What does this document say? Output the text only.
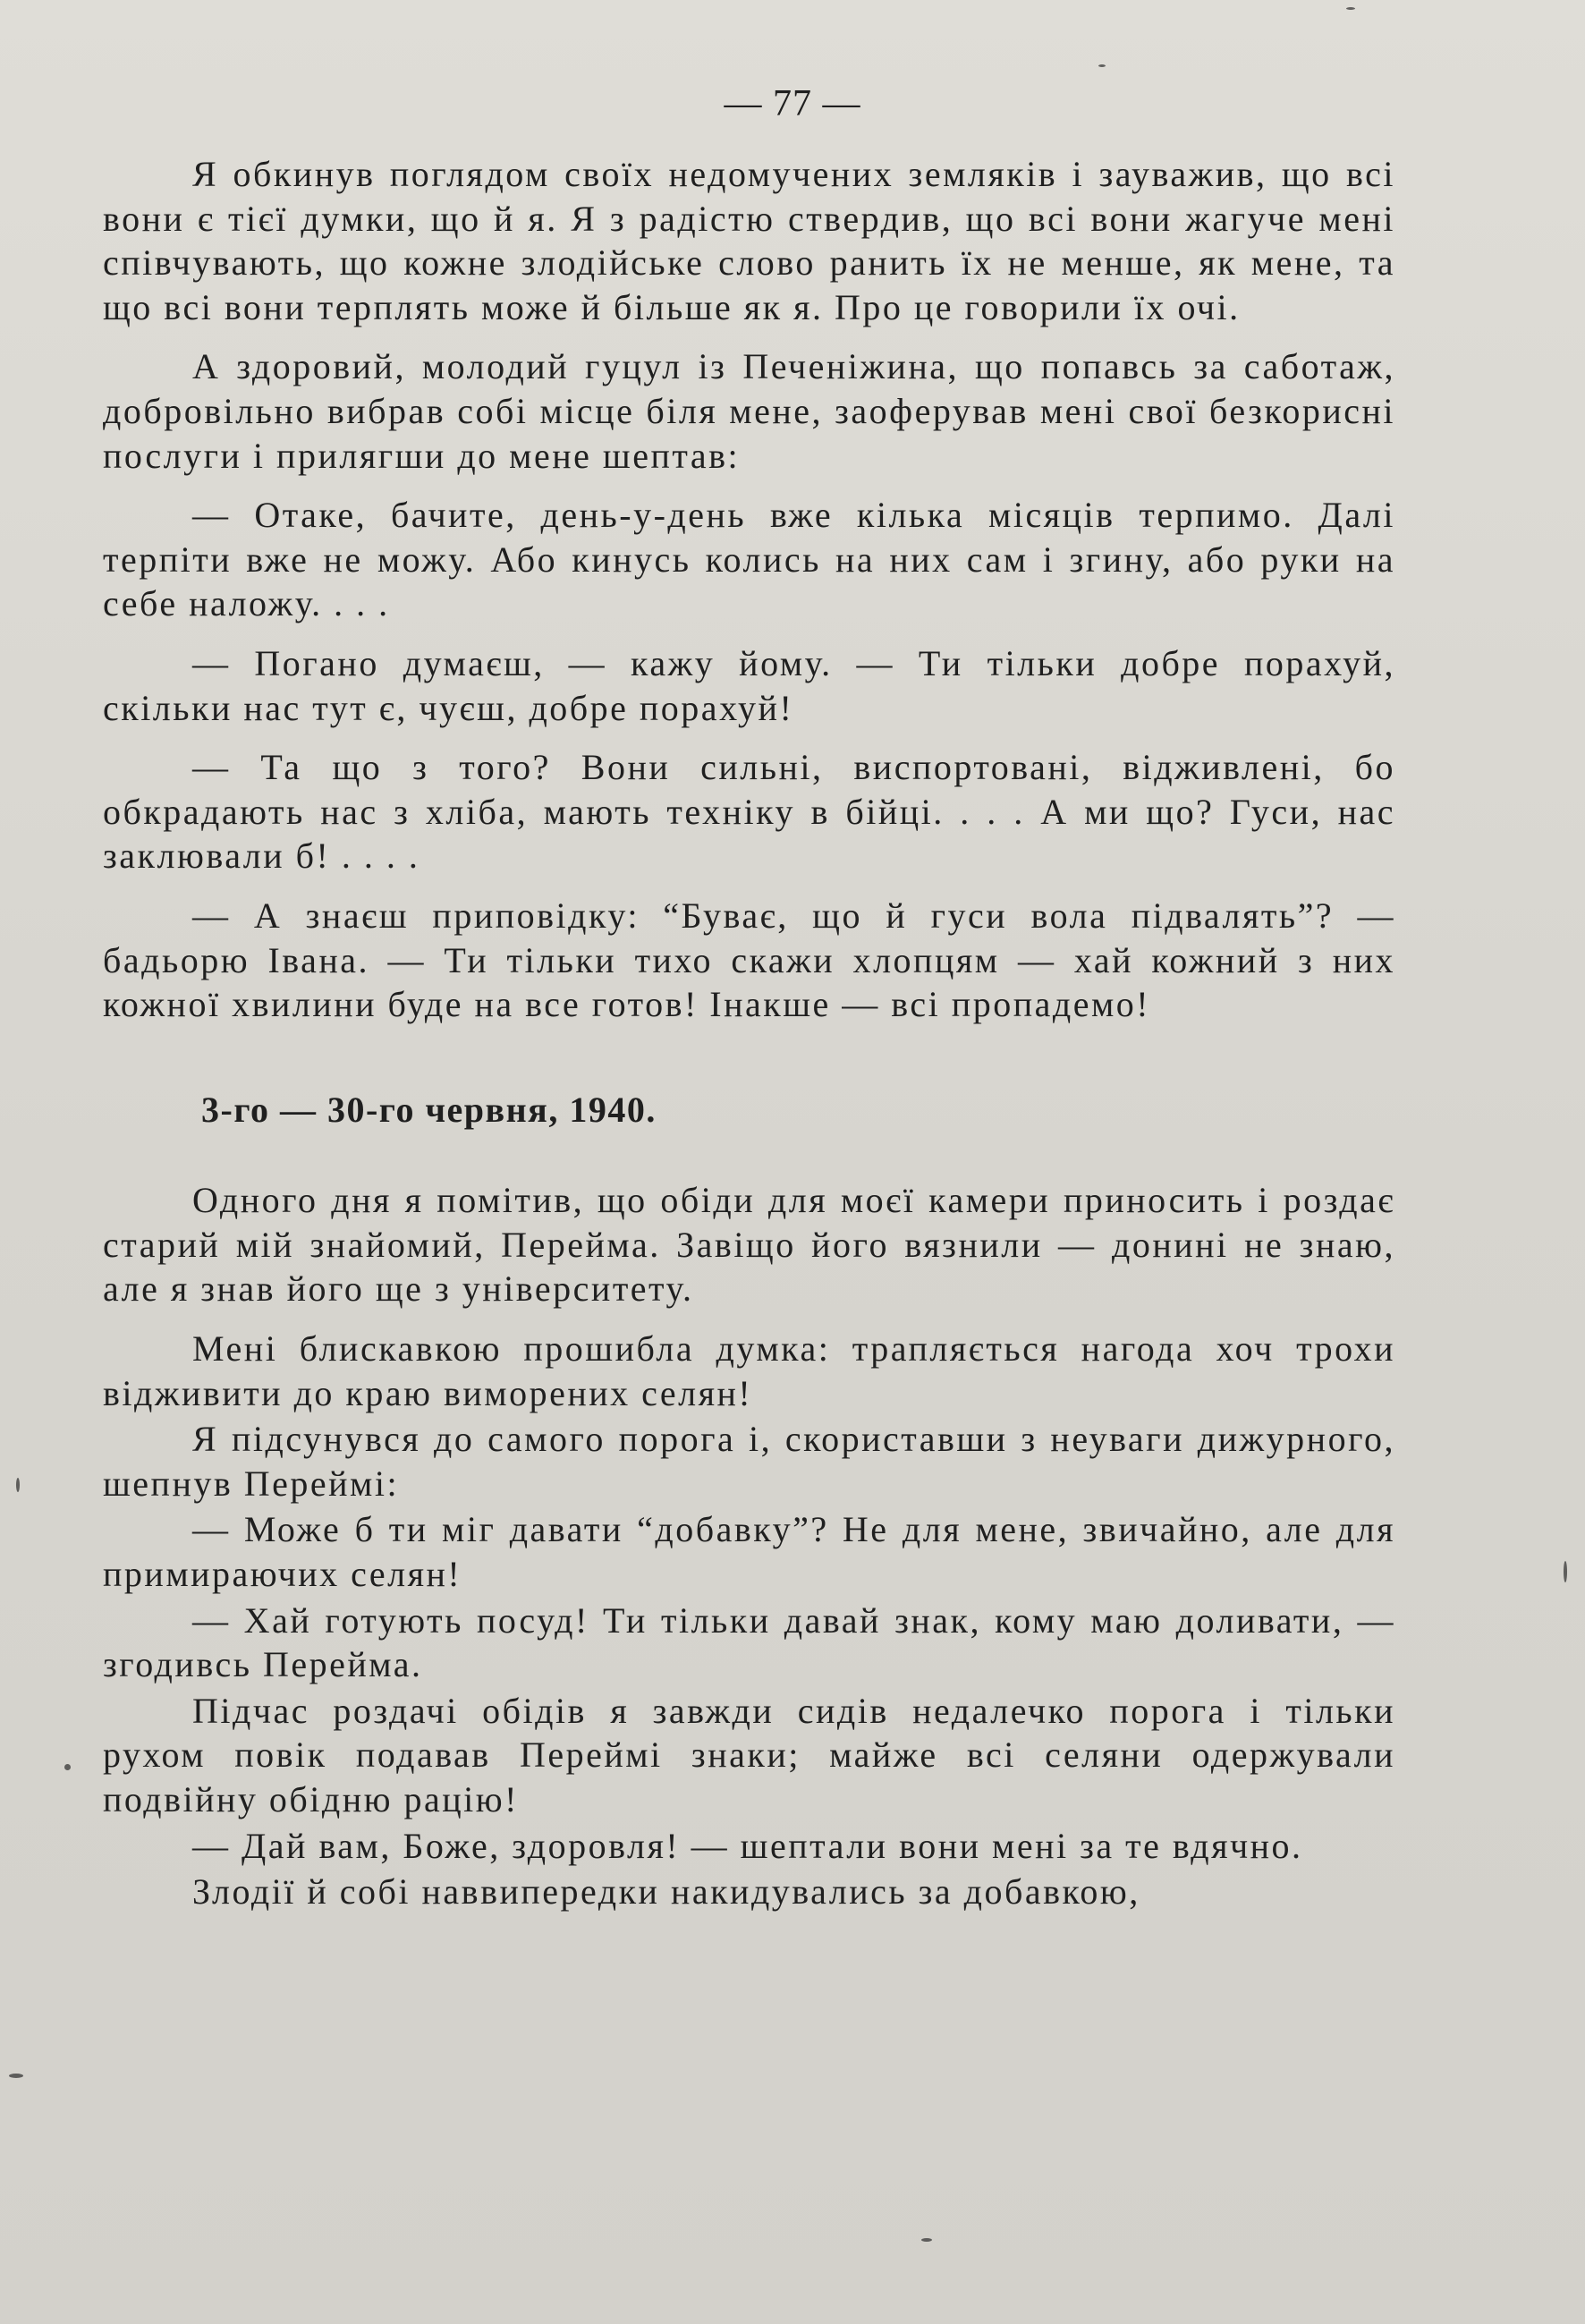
— 77 —

Я обкинув поглядом своїх недомучених земляків і зауважив, що всі вони є тієї думки, що й я. Я з радістю ствердив, що всі вони жагуче мені співчувають, що кожне злодійське слово ранить їх не менше, як мене, та що всі вони терплять може й більше як я. Про це говорили їх очі.

А здоровий, молодий гуцул із Печеніжина, що попавсь за саботаж, добровільно вибрав собі місце біля мене, заоферував мені свої безкорисні послуги і прилягши до мене шептав:

— Отаке, бачите, день-у-день вже кілька місяців терпимо. Далі терпіти вже не можу. Або кинусь колись на них сам і згину, або руки на себе наложу. . . .

— Погано думаєш, — кажу йому. — Ти тільки добре порахуй, скільки нас тут є, чуєш, добре порахуй!

— Та що з того? Вони сильні, виспортовані, відживлені, бо обкрадають нас з хліба, мають техніку в бійці. . . . А ми що? Гуси, нас заклювали б! . . . .

— А знаєш приповідку: “Буває, що й гуси вола підвалять”? — бадьорю Івана. — Ти тільки тихо скажи хлопцям — хай кожний з них кожної хвилини буде на все готов! Інакше — всі пропадемо!

3-го — 30-го червня, 1940.

Одного дня я помітив, що обіди для моєї камери приносить і роздає старий мій знайомий, Перейма. Завіщо його вязнили — донині не знаю, але я знав його ще з університету.

Мені блискавкою прошибла думка: трапляється нагода хоч трохи відживити до краю виморених селян!

Я підсунувся до самого порога і, скориставши з неуваги дижурного, шепнув Переймі:

— Може б ти міг давати “добавку”? Не для мене, звичайно, але для примираючих селян!

— Хай готують посуд! Ти тільки давай знак, кому маю доливати, — згодивсь Перейма.

Підчас роздачі обідів я завжди сидів недалечко порога і тільки рухом повік подавав Переймі знаки; майже всі селяни одержували подвійну обідню рацію!

— Дай вам, Боже, здоровля! — шептали вони мені за те вдячно.

Злодії й собі наввипередки накидувались за добавкою,
